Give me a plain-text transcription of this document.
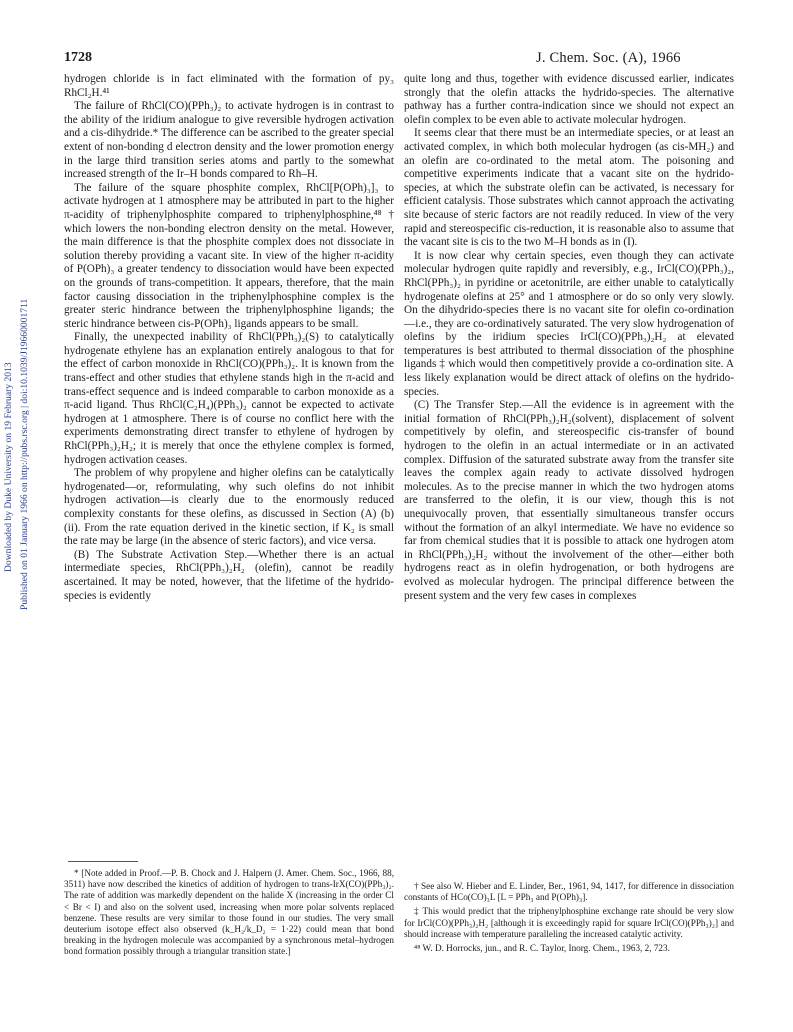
1728	J. Chem. Soc. (A), 1966
Downloaded by Duke University on 19 February 2013 Published on 01 January 1966 on http://pubs.rsc.org | doi:10.1039/J19660001711

hydrogen chloride is in fact eliminated with the formation of py₃ RhCl₂H.⁴¹

The failure of RhCl(CO)(PPh₃)₂ to activate hydrogen is in contrast to the ability of the iridium analogue to give reversible hydrogen activation and a cis-dihydride.* The difference can be ascribed to the greater special extent of non-bonding d electron density and the lower promotion energy in the large third transition series atoms and partly to the somewhat increased strength of the Ir–H bonds compared to Rh–H.

The failure of the square phosphite complex, RhCl[P(OPh)₃]₃ to activate hydrogen at 1 atmosphere may be attributed in part to the higher π-acidity of triphenylphosphite compared to triphenylphosphine,⁴⁸ † which lowers the non-bonding electron density on the metal. However, the main difference is that the phosphite complex does not dissociate in solution thereby providing a vacant site. In view of the higher π-acidity of P(OPh)₃ a greater tendency to dissociation would have been expected on the grounds of trans-competition. It appears, therefore, that the main factor causing dissociation in the triphenylphosphine complex is the greater steric hindrance between the triphenylphosphine ligands; the steric hindrance between cis-P(OPh)₃ ligands appears to be small.

Finally, the unexpected inability of RhCl(PPh₃)₂(S) to catalytically hydrogenate ethylene has an explanation entirely analogous to that for the effect of carbon monoxide in RhCl(CO)(PPh₃)₂. It is known from the trans-effect and other studies that ethylene stands high in the π-acid and trans-effect sequence and is indeed comparable to carbon monoxide as a π-acid ligand. Thus RhCl(C₂H₄)(PPh₃)₂ cannot be expected to activate hydrogen at 1 atmosphere. There is of course no conflict here with the experiments demonstrating direct transfer to ethylene of hydrogen by RhCl(PPh₃)₂H₂; it is merely that once the ethylene complex is formed, hydrogen activation ceases.

The problem of why propylene and higher olefins can be catalytically hydrogenated—or, reformulating, why such olefins do not inhibit hydrogen activation—is clearly due to the enormously reduced complexity constants for these olefins, as discussed in Section (A) (b) (ii). From the rate equation derived in the kinetic section, if K₂ is small the rate may be large (in the absence of steric factors), and vice versa.

(B) The Substrate Activation Step.—Whether there is an actual intermediate species, RhCl(PPh₃)₂H₂ (olefin), cannot be readily ascertained. It may be noted, however, that the lifetime of the hydrido-species is evidently

quite long and thus, together with evidence discussed earlier, indicates strongly that the olefin attacks the hydrido-species. The alternative pathway has a further contra-indication since we should not expect an olefin complex to be even able to activate molecular hydrogen.

It seems clear that there must be an intermediate species, or at least an activated complex, in which both molecular hydrogen (as cis-MH₂) and an olefin are co-ordinated to the metal atom. The poisoning and competitive experiments indicate that a vacant site on the hydrido-species, at which the substrate olefin can be activated, is necessary for efficient catalysis. Those substrates which cannot approach the activating site because of steric factors are not readily reduced. In view of the very rapid and stereospecific cis-reduction, it is reasonable also to assume that the vacant site is cis to the two M–H bonds as in (I).

It is now clear why certain species, even though they can activate molecular hydrogen quite rapidly and reversibly, e.g., IrCl(CO)(PPh₃)₂, RhCl(PPh₃)₂ in pyridine or acetonitrile, are either unable to catalytically hydrogenate olefins at 25° and 1 atmosphere or do so only very slowly. On the dihydrido-species there is no vacant site for olefin co-ordination—i.e., they are co-ordinatively saturated. The very slow hydrogenation of olefins by the iridium species IrCl(CO)(PPh₃)₂H₂ at elevated temperatures is best attributed to thermal dissociation of the phosphine ligands ‡ which would then competitively provide a co-ordination site. A less likely explanation would be direct attack of olefins on the hydrido-species.

(C) The Transfer Step.—All the evidence is in agreement with the initial formation of RhCl(PPh₃)₂H₂(solvent), displacement of solvent competitively by olefin, and stereospecific cis-transfer of bound hydrogen to the olefin in an actual intermediate or in an activated complex. Diffusion of the saturated substrate away from the transfer site leaves the complex again ready to activate dissolved hydrogen molecules. As to the precise manner in which the two hydrogen atoms are transferred to the olefin, it is our view, though this is not unequivocally proven, that essentially simultaneous transfer occurs without the formation of an alkyl intermediate. We have no evidence so far from chemical studies that it is possible to attack one hydrogen atom in RhCl(PPh₃)₂H₂ without the involvement of the other—either both hydrogens react as in olefin hydrogenation, or both hydrogens are evolved as molecular hydrogen. The principal difference between the present system and the very few cases in complexes

* [Note added in Proof.—P. B. Chock and J. Halpern (J. Amer. Chem. Soc., 1966, 88, 3511) have now described the kinetics of addition of hydrogen to trans-IrX(CO)(PPh₃)₂. The rate of addition was markedly dependent on the halide X (increasing in the order Cl < Br < I) and also on the solvent used, increasing when more polar solvents replaced benzene. These results are very similar to those found in our studies. The very small deuterium isotope effect also observed (k_H₂/k_D₂ = 1·22) could mean that bond breaking in the hydrogen molecule was accompanied by a synchronous metal–hydrogen bond formation possibly through a triangular transition state.]

† See also W. Hieber and E. Linder, Ber., 1961, 94, 1417, for difference in dissociation constants of HCo(CO)₃L [L = PPh₃ and P(OPh)₃].

‡ This would predict that the triphenylphosphine exchange rate should be very slow for IrCl(CO)(PPh₃)₂H₂ [although it is exceedingly rapid for square IrCl(CO)(PPh₃)₂] and should increase with temperature paralleling the increased catalytic activity.

⁴⁸ W. D. Horrocks, jun., and R. C. Taylor, Inorg. Chem., 1963, 2, 723.
